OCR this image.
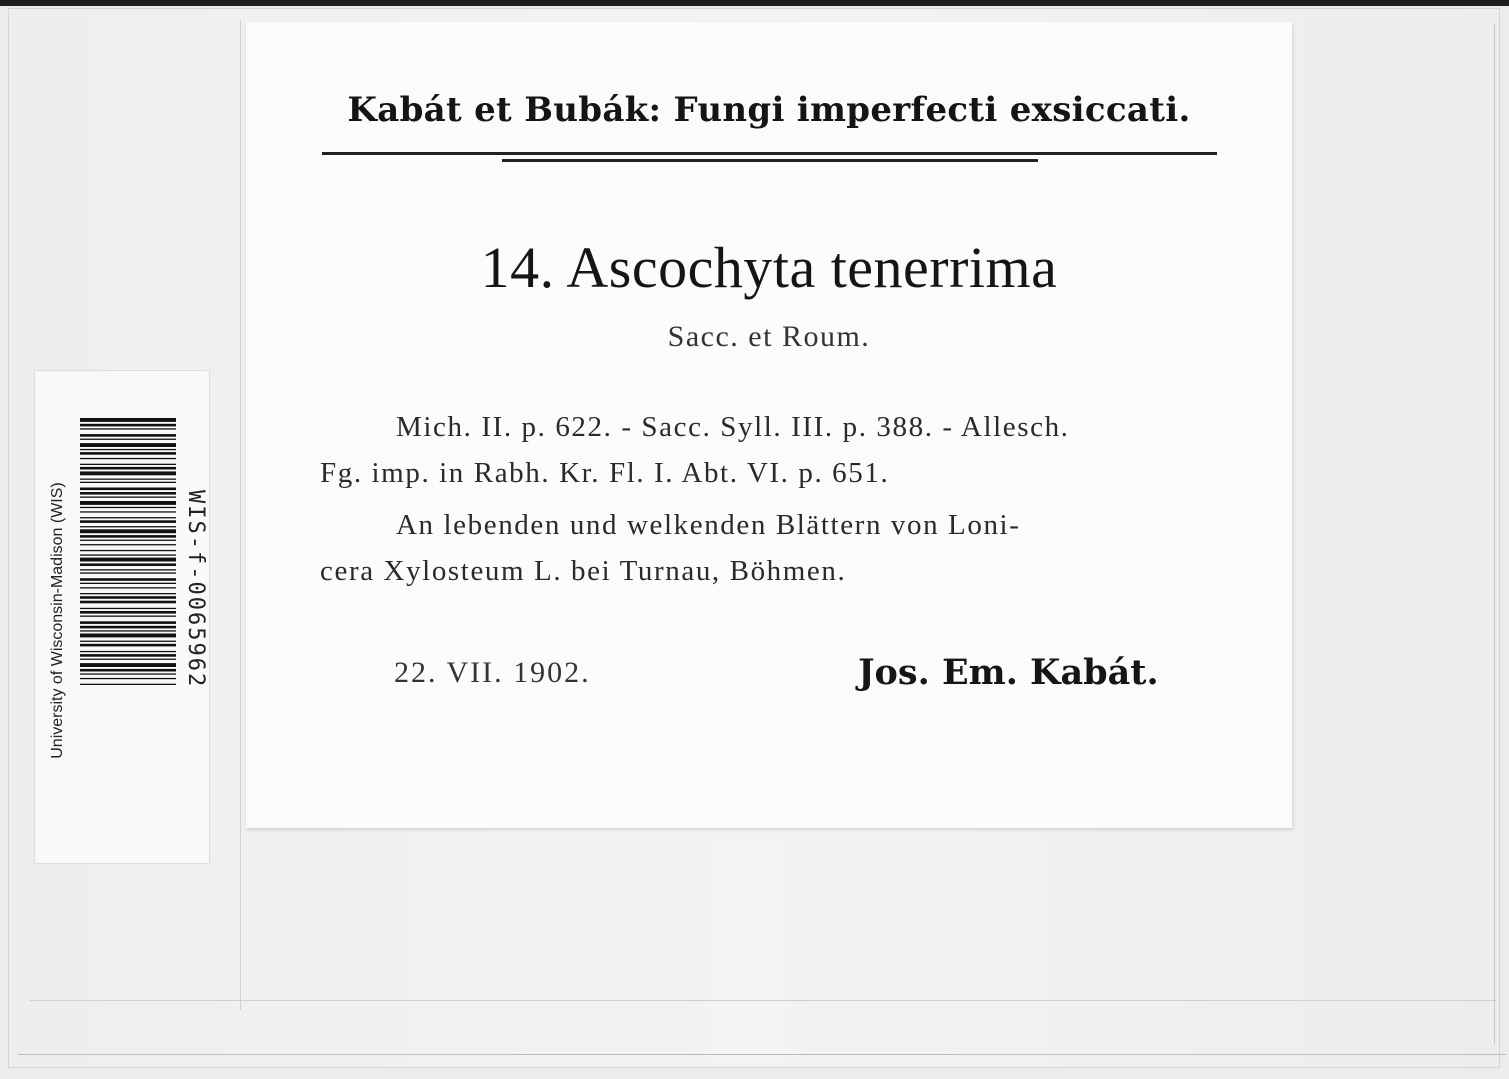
University of Wisconsin-Madison (WIS)	WIS-f-0065962
Kabát et Bubák: Fungi imperfecti exsiccati.
14. Ascochyta tenerrima
Sacc. et Roum.
Mich. II. p. 622. - Sacc. Syll. III. p. 388. - Allesch.
Fg. imp. in Rabh. Kr. Fl. I. Abt. VI. p. 651.
An lebenden und welkenden Blättern von Loni-
cera Xylosteum L. bei Turnau, Böhmen.
22. VII. 1902.	Jos. Em. Kabát.
